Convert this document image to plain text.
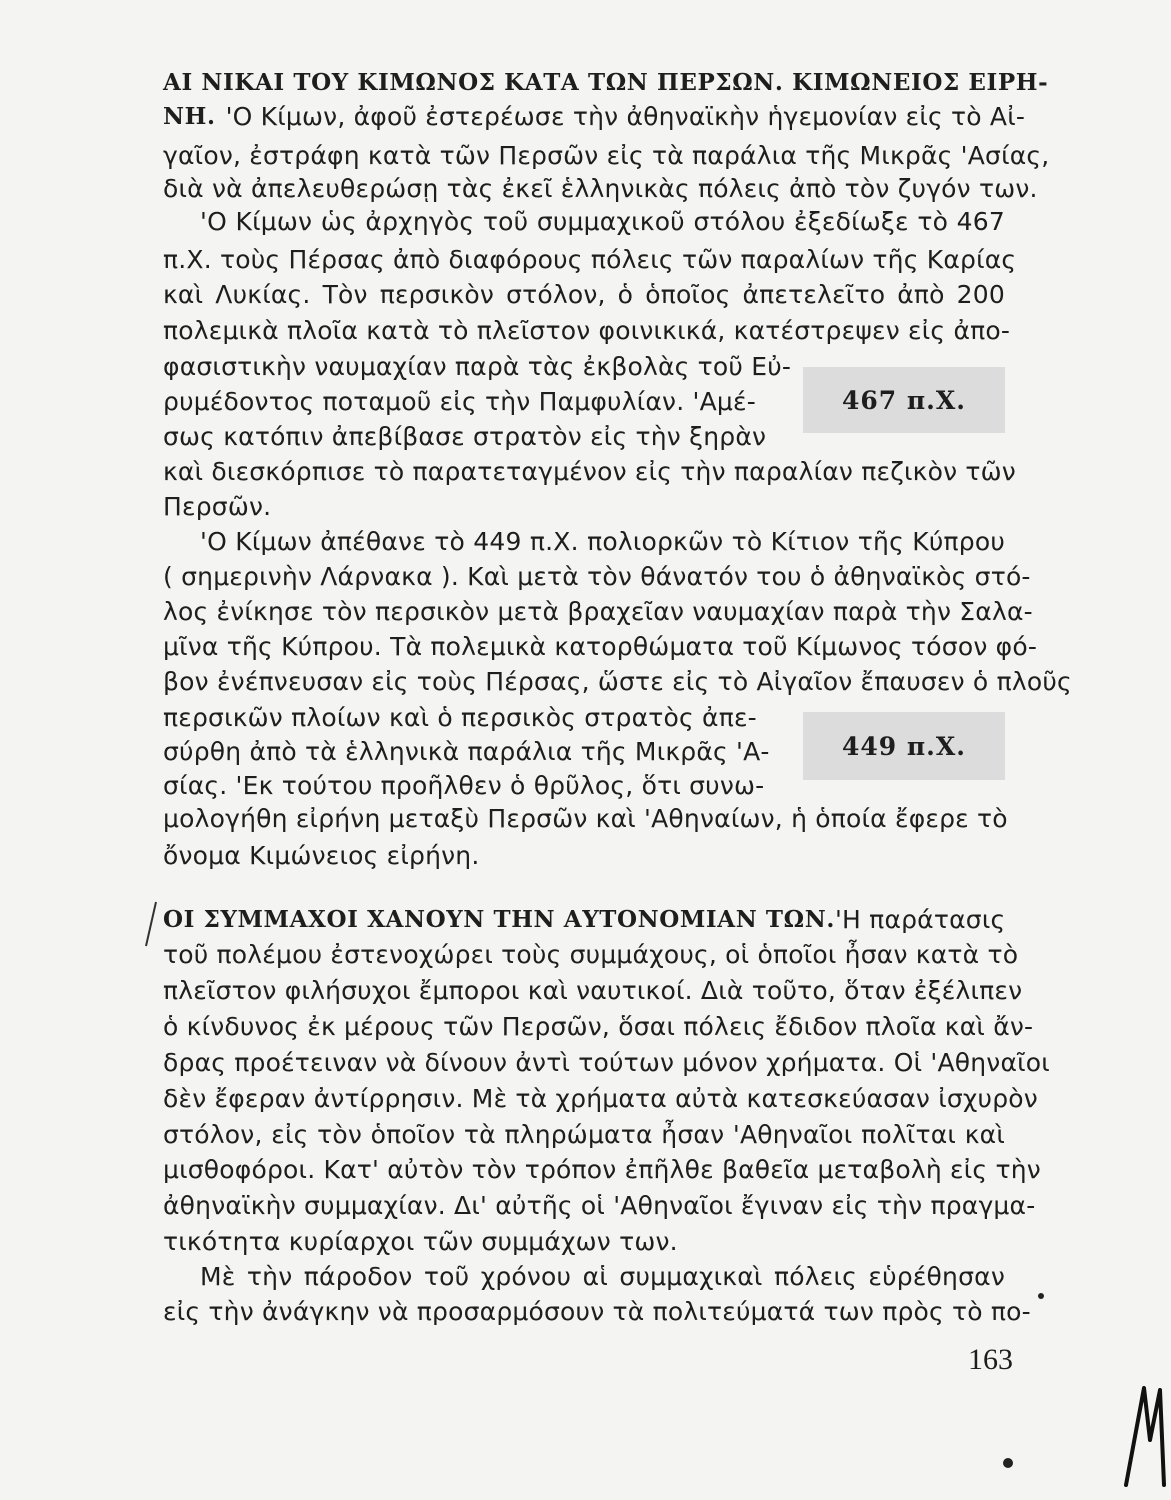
ΑΙ ΝΙΚΑΙ ΤΟΥ ΚΙΜΩΝΟΣ ΚΑΤΑ ΤΩΝ ΠΕΡΣΩΝ. ΚΙΜΩΝΕΙΟΣ ΕΙΡΗ-
ΝΗ. 'Ο Κίμων, ἀφοῦ ἐστερέωσε τὴν ἀθηναϊκὴν ἡγεμονίαν εἰς τὸ Αἰ-
γαῖον, ἐστράφη κατὰ τῶν Περσῶν εἰς τὰ παράλια τῆς Μικρᾶς 'Ασίας,
διὰ νὰ ἀπελευθερώσῃ τὰς ἐκεῖ ἑλληνικὰς πόλεις ἀπὸ τὸν ζυγόν των.
'Ο Κίμων ὡς ἀρχηγὸς τοῦ συμμαχικοῦ στόλου ἐξεδίωξε τὸ 467
π.Χ. τοὺς Πέρσας ἀπὸ διαφόρους πόλεις τῶν παραλίων τῆς Καρίας
καὶ Λυκίας. Τὸν περσικὸν στόλον, ὁ ὁποῖος ἀπετελεῖτο ἀπὸ 200
πολεμικὰ πλοῖα κατὰ τὸ πλεῖστον φοινικικά, κατέστρεψεν εἰς ἀπο-
φασιστικὴν ναυμαχίαν παρὰ τὰς ἐκβολὰς τοῦ Εὐ-
ρυμέδοντος ποταμοῦ εἰς τὴν Παμφυλίαν. 'Αμέ-
σως κατόπιν ἀπεβίβασε στρατὸν εἰς τὴν ξηρὰν
καὶ διεσκόρπισε τὸ παρατεταγμένον εἰς τὴν παραλίαν πεζικὸν τῶν
Περσῶν.
'Ο Κίμων ἀπέθανε τὸ 449 π.Χ. πολιορκῶν τὸ Κίτιον τῆς Κύπρου
( σημερινὴν Λάρνακα ). Καὶ μετὰ τὸν θάνατόν του ὁ ἀθηναϊκὸς στό-
λος ἐνίκησε τὸν περσικὸν μετὰ βραχεῖαν ναυμαχίαν παρὰ τὴν Σαλα-
μῖνα τῆς Κύπρου. Τὰ πολεμικὰ κατορθώματα τοῦ Κίμωνος τόσον φό-
βον ἐνέπνευσαν εἰς τοὺς Πέρσας, ὥστε εἰς τὸ Αἰγαῖον ἔπαυσεν ὁ πλοῦς
περσικῶν πλοίων καὶ ὁ περσικὸς στρατὸς ἀπε-
σύρθη ἀπὸ τὰ ἑλληνικὰ παράλια τῆς Μικρᾶς 'Α-
σίας. 'Εκ τούτου προῆλθεν ὁ θρῦλος, ὅτι συνω-
μολογήθη εἰρήνη μεταξὺ Περσῶν καὶ 'Αθηναίων, ἡ ὁποία ἔφερε τὸ
ὄνομα Κιμώνειος εἰρήνη.
467 π.Χ.
449 π.Χ.
ΟΙ ΣΥΜΜΑΧΟΙ ΧΑΝΟΥΝ ΤΗΝ ΑΥΤΟΝΟΜΙΑΝ ΤΩΝ. 'Η παράτασις
τοῦ πολέμου ἐστενοχώρει τοὺς συμμάχους, οἱ ὁποῖοι ἦσαν κατὰ τὸ
πλεῖστον φιλήσυχοι ἔμποροι καὶ ναυτικοί. Διὰ τοῦτο, ὅταν ἐξέλιπεν
ὁ κίνδυνος ἐκ μέρους τῶν Περσῶν, ὅσαι πόλεις ἔδιδον πλοῖα καὶ ἄν-
δρας προέτειναν νὰ δίνουν ἀντὶ τούτων μόνον χρήματα. Οἱ 'Αθηναῖοι
δὲν ἔφεραν ἀντίρρησιν. Μὲ τὰ χρήματα αὐτὰ κατεσκεύασαν ἰσχυρὸν
στόλον, εἰς τὸν ὁποῖον τὰ πληρώματα ἦσαν 'Αθηναῖοι πολῖται καὶ
μισθοφόροι. Κατ' αὐτὸν τὸν τρόπον ἐπῆλθε βαθεῖα μεταβολὴ εἰς τὴν
ἀθηναϊκὴν συμμαχίαν. Δι' αὐτῆς οἱ 'Αθηναῖοι ἔγιναν εἰς τὴν πραγμα-
τικότητα κυρίαρχοι τῶν συμμάχων των.
Μὲ τὴν πάροδον τοῦ χρόνου αἱ συμμαχικαὶ πόλεις εὑρέθησαν
εἰς τὴν ἀνάγκην νὰ προσαρμόσουν τὰ πολιτεύματά των πρὸς τὸ πο-
163
